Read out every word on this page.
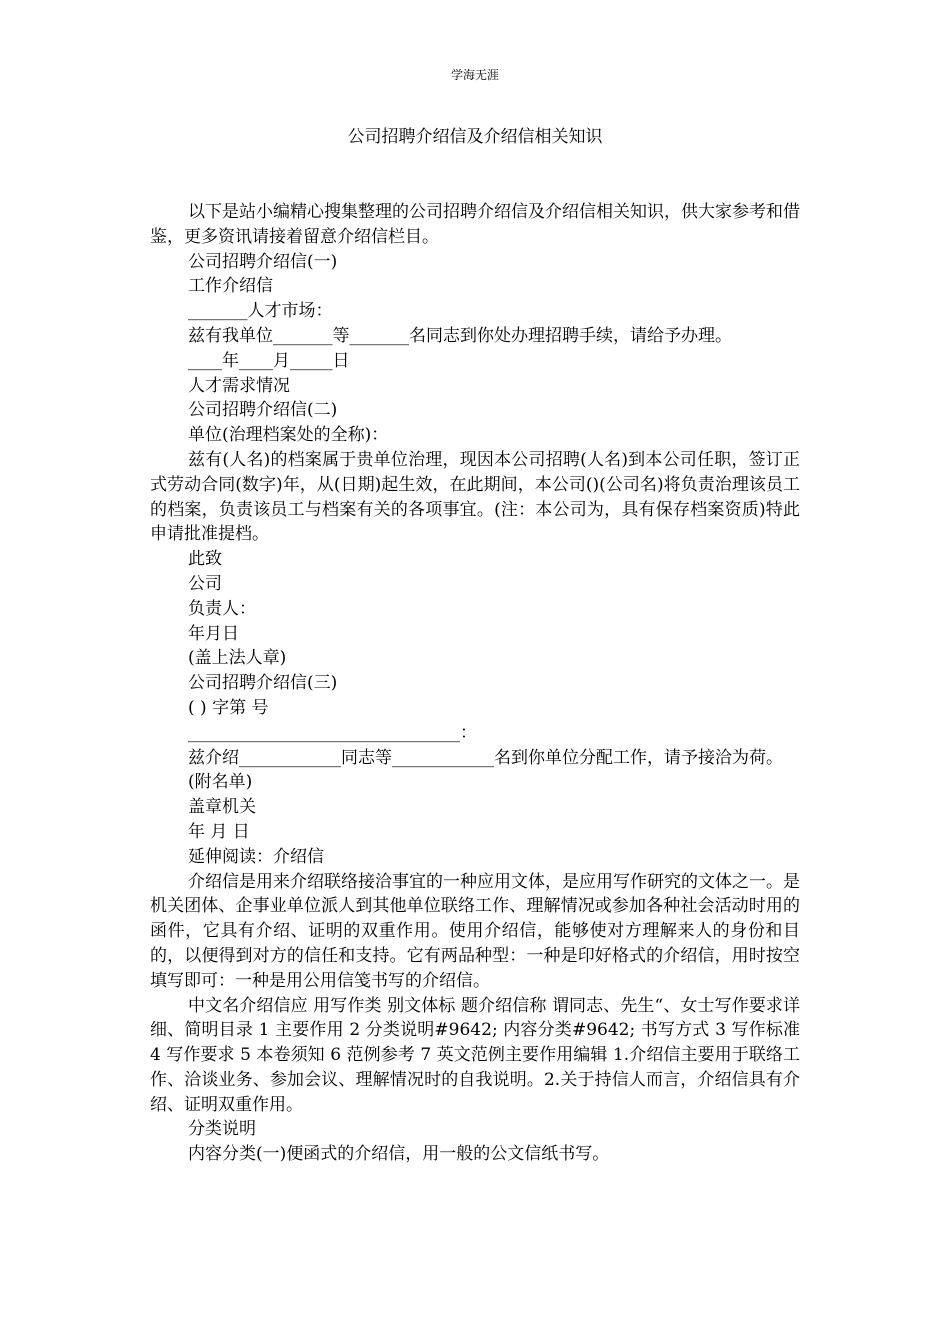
学海无涯
公司招聘介绍信及介绍信相关知识

以下是站小编精心搜集整理的公司招聘介绍信及介绍信相关知识，供大家参考和借鉴，更多资讯请接着留意介绍信栏目。

公司招聘介绍信(一)

工作介绍信

_______人才市场：

兹有我单位_______等_______名同志到你处办理招聘手续，请给予办理。

____年____月_____日

人才需求情况

公司招聘介绍信(二)

单位(治理档案处的全称)：

兹有(人名)的档案属于贵单位治理，现因本公司招聘(人名)到本公司任职，签订正式劳动合同(数字)年，从(日期)起生效，在此期间，本公司()(公司名)将负责治理该员工的档案，负责该员工与档案有关的各项事宜。(注：本公司为，具有保存档案资质)特此申请批准提档。

此致

公司

负责人：

年月日

(盖上法人章)

公司招聘介绍信(三)

( ) 字第 号

________________________________：

兹介绍____________同志等____________名到你单位分配工作，请予接洽为荷。

(附名单)

盖章机关

年 月 日

延伸阅读：介绍信

介绍信是用来介绍联络接洽事宜的一种应用文体，是应用写作研究的文体之一。是机关团体、企事业单位派人到其他单位联络工作、理解情况或参加各种社会活动时用的函件，它具有介绍、证明的双重作用。使用介绍信，能够使对方理解来人的身份和目的，以便得到对方的信任和支持。它有两品种型：一种是印好格式的介绍信，用时按空填写即可：一种是用公用信笺书写的介绍信。

中文名介绍信应 用写作类 别文体标 题介绍信称 谓同志、先生“、女士写作要求详细、简明目录 1 主要作用 2 分类说明#9642; 内容分类#9642; 书写方式 3 写作标准 4 写作要求 5 本卷须知 6 范例参考 7 英文范例主要作用编辑 1.介绍信主要用于联络工作、洽谈业务、参加会议、理解情况时的自我说明。2.关于持信人而言，介绍信具有介绍、证明双重作用。

分类说明

内容分类(一)便函式的介绍信，用一般的公文信纸书写。
